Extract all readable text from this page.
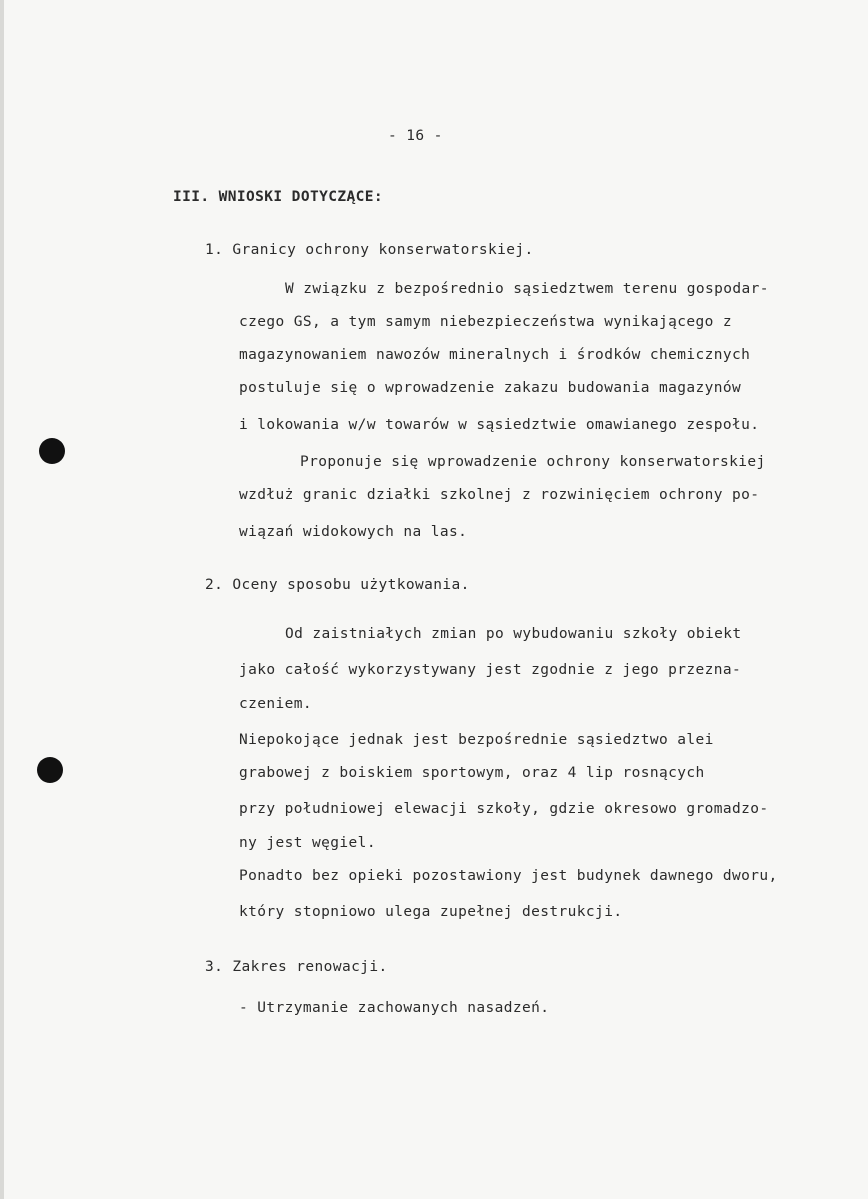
- 16 -
III. WNIOSKI DOTYCZĄCE:
1. Granicy ochrony konserwatorskiej.
W związku z bezpośrednio sąsiedztwem terenu gospodar-
czego GS, a tym samym niebezpieczeństwa wynikającego z
magazynowaniem nawozów mineralnych i środków chemicznych
postuluje się o wprowadzenie zakazu budowania magazynów
i lokowania w/w towarów w sąsiedztwie omawianego zespołu.
Proponuje się wprowadzenie ochrony konserwatorskiej
wzdłuż granic działki szkolnej z rozwinięciem ochrony po-
wiązań widokowych na las.
2. Oceny sposobu użytkowania.
Od zaistniałych zmian po wybudowaniu szkoły obiekt
jako całość wykorzystywany jest zgodnie z jego przezna-
czeniem.
Niepokojące jednak jest bezpośrednie sąsiedztwo alei
grabowej z boiskiem sportowym, oraz 4 lip rosnących
przy południowej elewacji szkoły, gdzie okresowo gromadzo-
ny jest węgiel.
Ponadto bez opieki pozostawiony jest budynek dawnego dworu,
który stopniowo ulega zupełnej destrukcji.
3. Zakres renowacji.
- Utrzymanie zachowanych nasadzeń.
